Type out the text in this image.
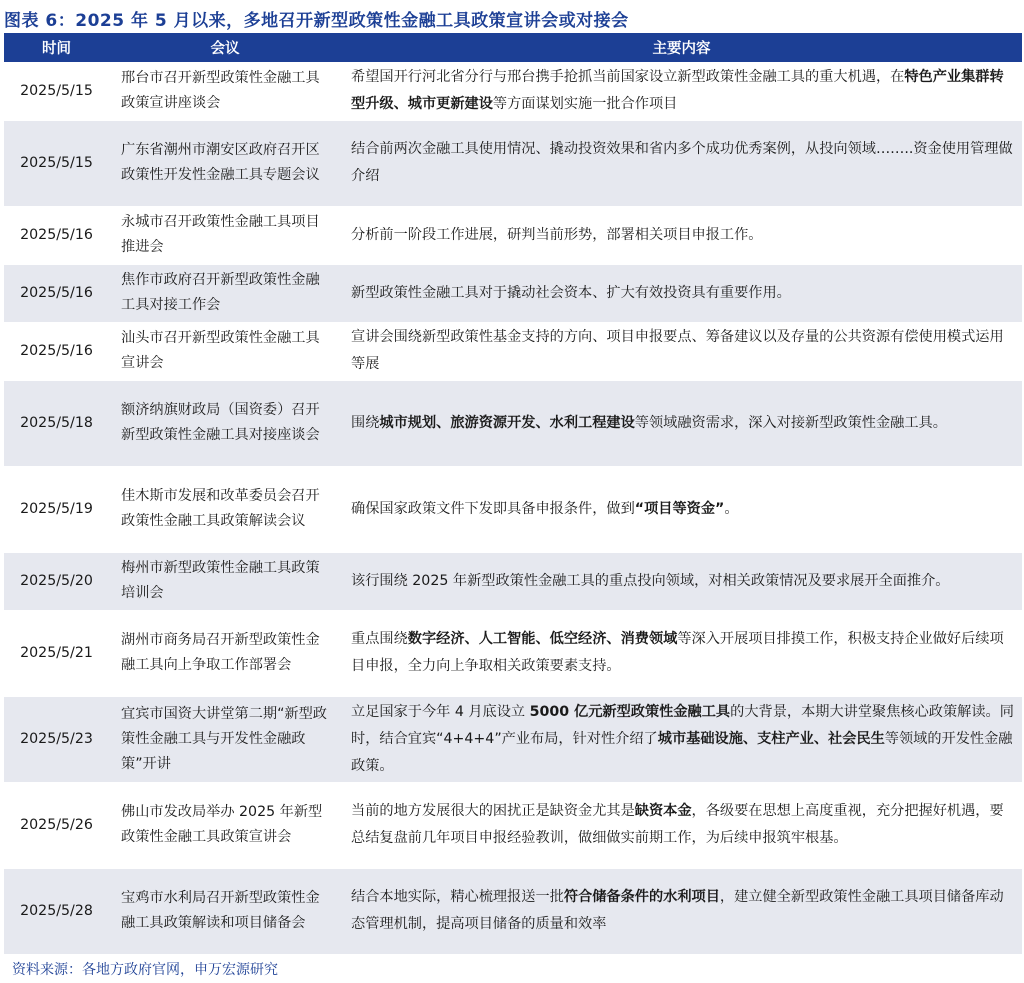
图表 6：2025 年 5 月以来，多地召开新型政策性金融工具政策宣讲会或对接会
时间	会议	主要内容
2025/5/15	邢台市召开新型政策性金融工具政策宣讲座谈会	希望国开行河北省分行与邢台携手抢抓当前国家设立新型政策性金融工具的重大机遇，在特色产业集群转型升级、城市更新建设等方面谋划实施一批合作项目
2025/5/15	广东省潮州市潮安区政府召开区政策性开发性金融工具专题会议	结合前两次金融工具使用情况、撬动投资效果和省内多个成功优秀案例，从投向领域……..资金使用管理做介绍
2025/5/16	永城市召开政策性金融工具项目推进会	分析前一阶段工作进展，研判当前形势，部署相关项目申报工作。
2025/5/16	焦作市政府召开新型政策性金融工具对接工作会	新型政策性金融工具对于撬动社会资本、扩大有效投资具有重要作用。
2025/5/16	汕头市召开新型政策性金融工具宣讲会	宣讲会围绕新型政策性基金支持的方向、项目申报要点、筹备建议以及存量的公共资源有偿使用模式运用等展
2025/5/18	额济纳旗财政局（国资委）召开新型政策性金融工具对接座谈会	围绕城市规划、旅游资源开发、水利工程建设等领域融资需求，深入对接新型政策性金融工具。
2025/5/19	佳木斯市发展和改革委员会召开政策性金融工具政策解读会议	确保国家政策文件下发即具备申报条件，做到“项目等资金”。
2025/5/20	梅州市新型政策性金融工具政策培训会	该行围绕 2025 年新型政策性金融工具的重点投向领域，对相关政策情况及要求展开全面推介。
2025/5/21	湖州市商务局召开新型政策性金融工具向上争取工作部署会	重点围绕数字经济、人工智能、低空经济、消费领域等深入开展项目排摸工作，积极支持企业做好后续项目申报，全力向上争取相关政策要素支持。
2025/5/23	宜宾市国资大讲堂第二期“新型政策性金融工具与开发性金融政策”开讲	立足国家于今年 4 月底设立 5000 亿元新型政策性金融工具的大背景，本期大讲堂聚焦核心政策解读。同时，结合宜宾“4+4+4”产业布局，针对性介绍了城市基础设施、支柱产业、社会民生等领域的开发性金融政策。
2025/5/26	佛山市发改局举办 2025 年新型政策性金融工具政策宣讲会	当前的地方发展很大的困扰正是缺资金尤其是缺资本金，各级要在思想上高度重视，充分把握好机遇，要总结复盘前几年项目申报经验教训，做细做实前期工作，为后续申报筑牢根基。
2025/5/28	宝鸡市水利局召开新型政策性金融工具政策解读和项目储备会	结合本地实际，精心梳理报送一批符合储备条件的水利项目，建立健全新型政策性金融工具项目储备库动态管理机制，提高项目储备的质量和效率
资料来源：各地方政府官网，申万宏源研究
